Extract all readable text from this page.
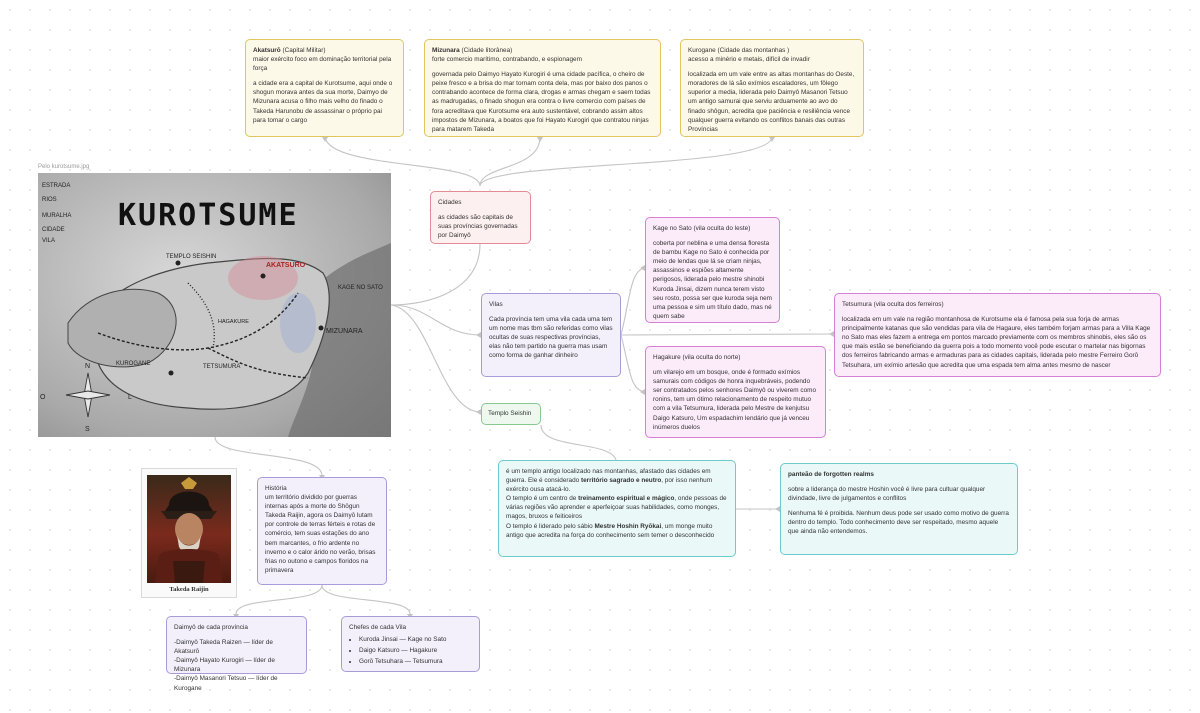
Akatsurō (Capital Militar)

maior exército foco em dominação territorial pela força

a cidade era a capital de Kurotsume, aqui onde o shogun morava antes da sua morte, Daimyo de Mizunara acusa o filho mais velho do finado o Takeda Harunobu de assassinar o próprio pai para tomar o cargo

Mizunara (Cidade litorânea)

forte comercio marítimo, contrabando, e espionagem

governada pelo Daimyo Hayato Kurogiri é uma cidade pacífica, o cheiro de peixe fresco e a brisa do mar tornam conta dela, mas por baixo dos panos o contrabando acontece de forma clara, drogas e armas chegam e saem todas as madrugadas, o finado shogun era contra o livre comercio com países de fora acreditava que Kurotsume era auto sustentável, cobrando assim altos impostos de Mizunara, a boatos que foi Hayato Kurogiri que contratou ninjas para matarem Takeda

Kurogane (Cidade das montanhas )

acesso a minério e metais, difícil de invadir

localizada em um vale entre as altas montanhas do Oeste, moradores de lá são exímios escaladores, um fôlego superior a media, liderada pelo Daimyô Masanori Tetsuo um antigo samurai que serviu arduamente ao avo do finado shôgun, acredita que paciência e resiliência vence qualquer guerra evitando os conflitos banais das outras Províncias

Pelo kurotsume.jpg
KUROTSUME
ESTRADA
RIOS
MURALHA
CIDADE
VILA
TEMPLO SEISHIN
AKATSURO
KAGE NO SATO
MIZUNARA
HAGAKURE
KUROGANE	TETSUMURA
N
O	L
S

Cidades

as cidades são capitais de suas províncias governadas por Daimyô

Vilas

Cada província tem uma vila cada uma tem um nome mas tbm são referidas como vilas ocultas de suas respectivas províncias, elas não tem partido na guerra mas usam como forma de ganhar dinheiro

Templo Seishin

Kage no Sato (vila oculta do leste)

coberta por neblina e uma densa floresta de bambu Kage no Sato é conhecida por meio de lendas que lá se criam ninjas, assassinos e espiões altamente perigosos, liderada pelo mestre shinobi Kuroda Jinsai, dizem nunca terem visto seu rosto, possa ser que kuroda seja nem uma pessoa e sim um título dado, mas né quem sabe

Hagakure (vila oculta do norte)

um vilarejo em um bosque, onde é formado exímios samurais com códigos de honra inquebráveis, podendo ser contratados pelos senhores Daimyô ou viverem como ronins, tem um ótimo relacionamento de respeito mutuo com a vila Tetsumura, liderada pelo Mestre de kenjutsu Daigo Katsuro, Um espadachim lendário que já venceu inúmeros duelos

Tetsumura (vila oculta dos ferreiros)

localizada em um vale na região montanhosa de Kurotsume ela é famosa pela sua forja de armas principalmente katanas que são vendidas para vila de Hagaure, eles também forjam armas para a Villa Kage no Sato mas eles fazem a entrega em pontos marcado previamente com os membros shinobis, eles são os que mais estão se beneficiando da guerra pois a todo momento você pode escutar o martelar nas bigornas dos ferreiros fabricando armas e armaduras para as cidades capitais, liderada pelo mestre Ferreiro Gorō Tetsuhara, um exímio artesão que acredita que uma espada tem alma antes mesmo de nascer

é um templo antigo localizado nas montanhas, afastado das cidades em guerra. Ele é considerado território sagrado e neutro, por isso nenhum exército ousa atacá-lo.

O templo é um centro de treinamento espiritual e mágico, onde pessoas de várias regiões vão aprender e aperfeiçoar suas habilidades, como monges, magos, bruxos e feiticeiros

O templo é liderado pelo sábio Mestre Hoshin Ryōkai, um monge muito antigo que acredita na força do conhecimento sem temer o desconhecido

panteão de forgotten realms

sobre a liderança do mestre Hoshin você é livre para cultuar qualquer divindade, livre de julgamentos e conflitos

Nenhuma fé é proibida. Nenhum deus pode ser usado como motivo de guerra dentro do templo. Todo conhecimento deve ser respeitado, mesmo aquele que ainda não entendemos.

Takeda Raijin

História

um território dividido por guerras internas após a morte do Shōgun Takeda Raijin, agora os Daimyō lutam por controle de terras férteis e rotas de comércio, tem suas estações do ano bem marcantes, o frio ardente no inverno e o calor árido no verão, brisas frias no outono e campos floridos na primavera

Daimyô de cada província

-Daimyô Takeda Raizen — líder de Akatsurō

-Daimyô Hayato Kurogiri — líder de Mizunara

-Daimyô Masanori Tetsuo — líder de Kurogane

Chefes de cada Vila

• Kuroda Jinsai — Kage no Sato
• Daigo Katsuro — Hagakure
• Gorō Tetsuhara — Tetsumura
